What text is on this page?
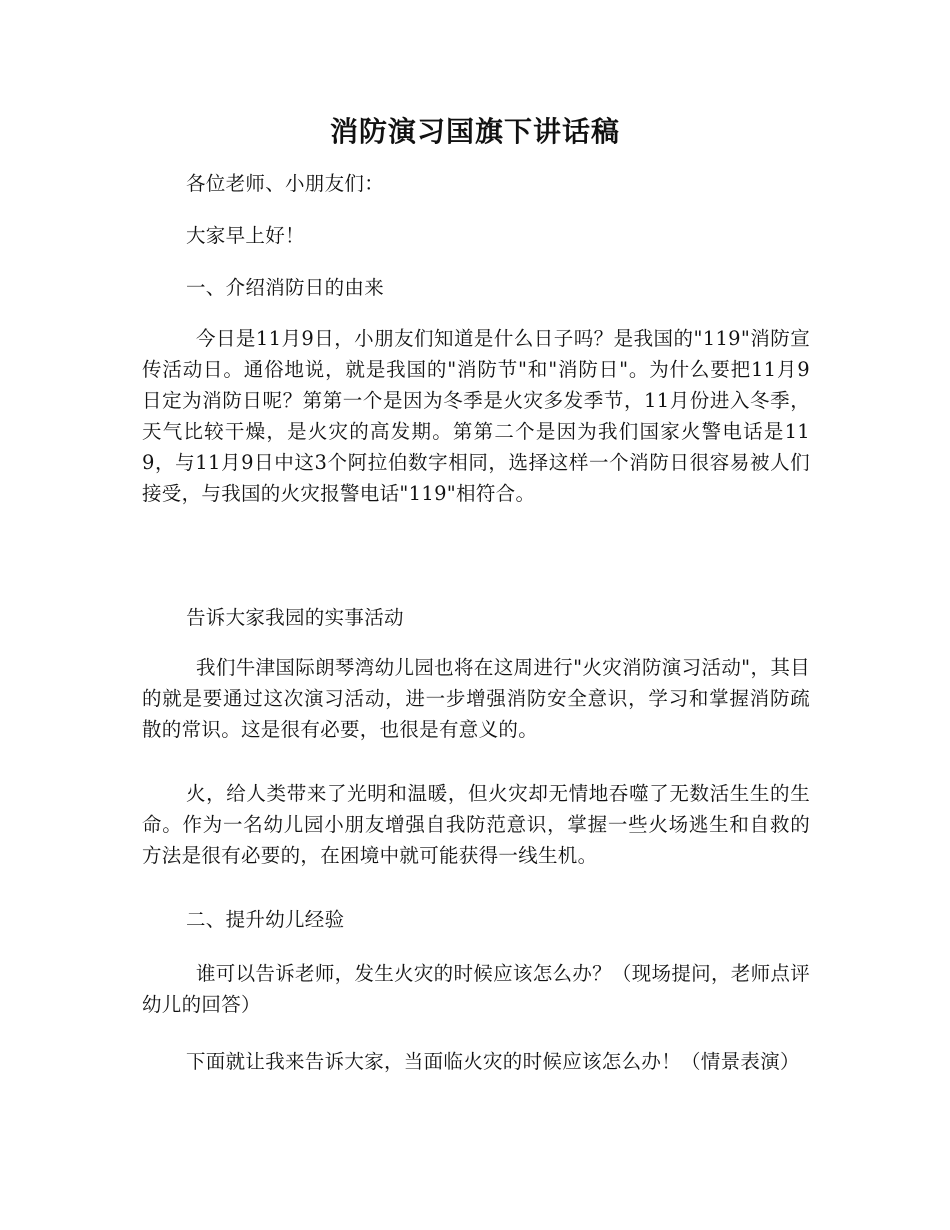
消防演习国旗下讲话稿
各位老师、小朋友们：
大家早上好！
一、介绍消防日的由来
今日是11月9日，小朋友们知道是什么日子吗？是我国的"119"消防宣传活动日。通俗地说，就是我国的"消防节"和"消防日"。为什么要把11月9日定为消防日呢？第第一个是因为冬季是火灾多发季节，11月份进入冬季，天气比较干燥，是火灾的高发期。第第二个是因为我们国家火警电话是119，与11月9日中这3个阿拉伯数字相同，选择这样一个消防日很容易被人们接受，与我国的火灾报警电话"119"相符合。
告诉大家我园的实事活动
我们牛津国际朗琴湾幼儿园也将在这周进行"火灾消防演习活动"，其目的就是要通过这次演习活动，进一步增强消防安全意识，学习和掌握消防疏散的常识。这是很有必要，也很是有意义的。
火，给人类带来了光明和温暖，但火灾却无情地吞噬了无数活生生的生命。作为一名幼儿园小朋友增强自我防范意识，掌握一些火场逃生和自救的方法是很有必要的，在困境中就可能获得一线生机。
二、提升幼儿经验
谁可以告诉老师，发生火灾的时候应该怎么办？（现场提问，老师点评幼儿的回答）
下面就让我来告诉大家，当面临火灾的时候应该怎么办！（情景表演）
